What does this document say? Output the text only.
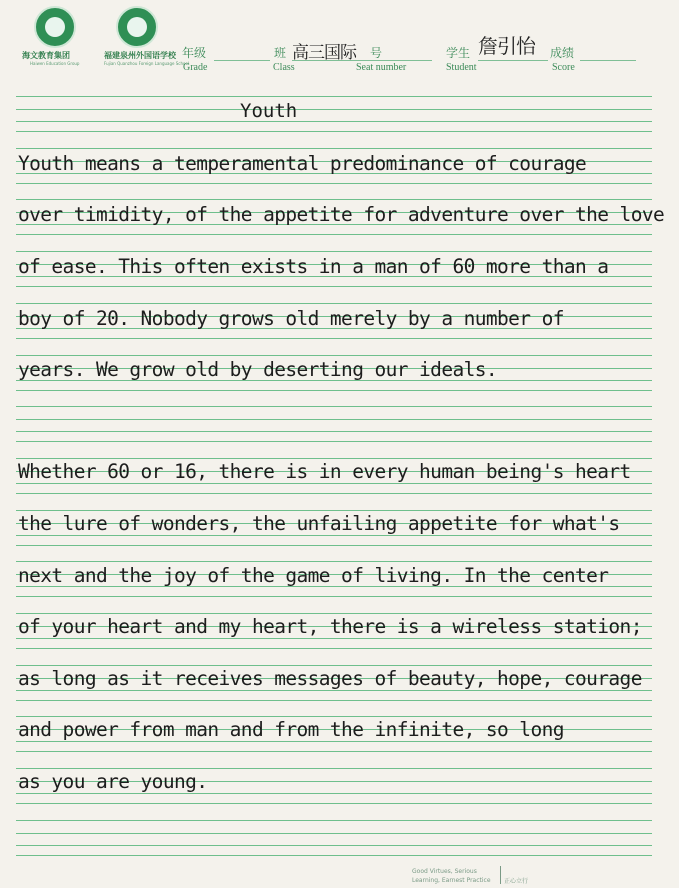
海文教育集团
Haiwen Education Group
福建泉州外国语学校
Fujian Quanzhou Foreign Language School
年级
Grade
班
Class
高三国际 号
Seat number
学生
Student
詹引怡 成绩
Score
Youth
Youth means a temperamental predominance of courage
over timidity, of the appetite for adventure over the love
of ease. This often exists in a man of 60 more than a
boy of 20. Nobody grows old merely by a number of
years. We grow old by deserting our ideals.
Whether 60 or 16, there is in every human being's heart
the lure of wonders, the unfailing appetite for what's
next and the joy of the game of living. In the center
of your heart and my heart, there is a wireless station;
as long as it receives messages of beauty, hope, courage
and power from man and from the infinite, so long
as you are young.
Good Virtues, Serious
Learning, Earnest Practice 正心立行
